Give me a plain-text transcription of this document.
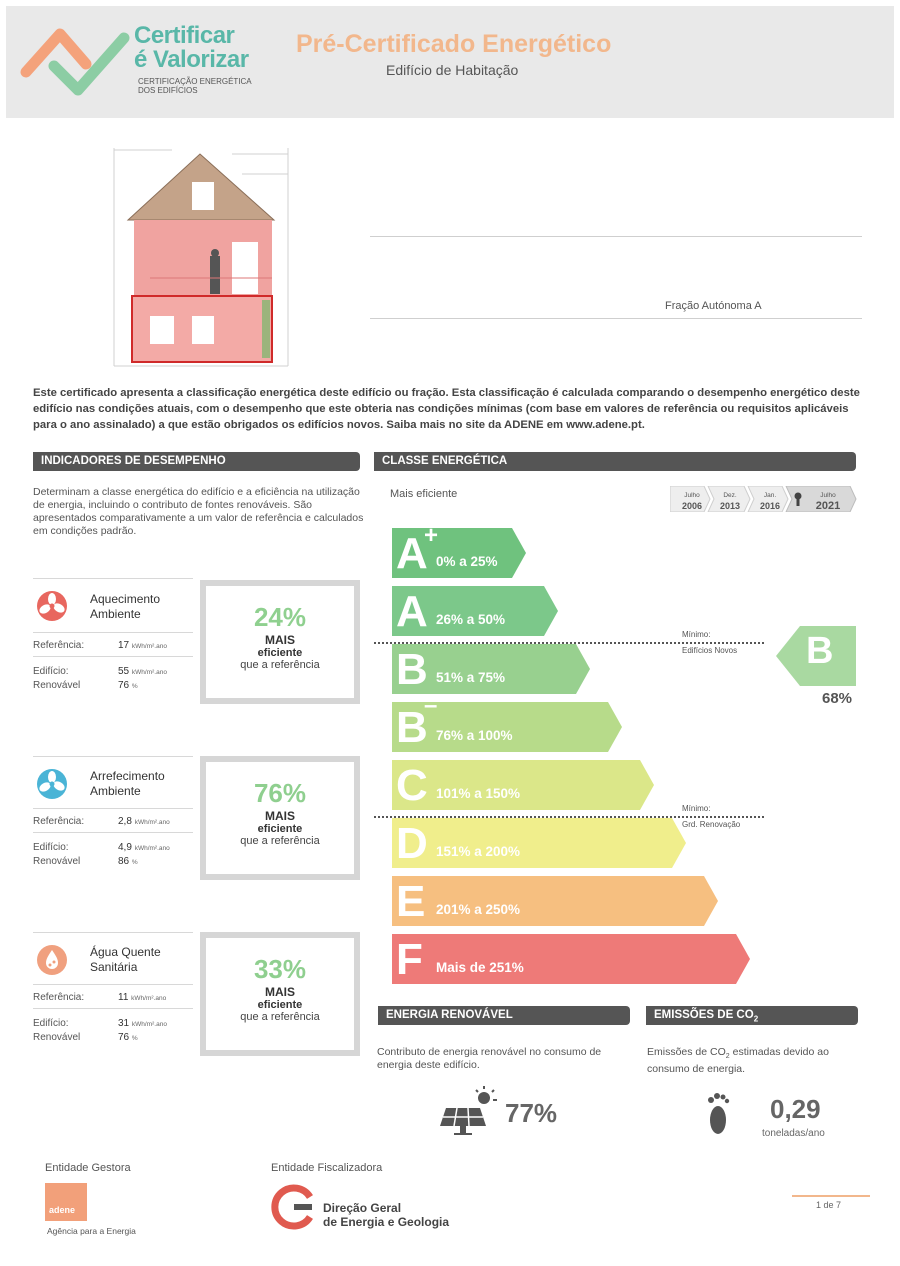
Certificar
é Valorizar
CERTIFICAÇÃO ENERGÉTICA DOS EDIFÍCIOS
Pré-Certificado Energético
Edifício de Habitação
Fração Autónoma A
Este certificado apresenta a classificação energética deste edifício ou fração. Esta classificação é calculada comparando o desempenho energético deste edifício nas condições atuais, com o desempenho que este obteria nas condições mínimas (com base em valores de referência ou requisitos aplicáveis para o ano assinalado) a que estão obrigados os edifícios novos. Saiba mais no site da ADENE em www.adene.pt.
INDICADORES DE DESEMPENHO
Determinam a classe energética do edifício e a eficiência na utilização de energia, incluindo o contributo de fontes renováveis. São apresentados comparativamente a um valor de referência e calculados em condições padrão.
Aquecimento
Ambiente
Referência:	17 kWh/m².ano
Edifício:	55 kWh/m².ano
Renovável	76 %
24%
MAIS
eficiente
que a referência
Arrefecimento
Ambiente
Referência:	2,8 kWh/m².ano
Edifício:	4,9 kWh/m².ano
Renovável	86 %
76%
MAIS
eficiente
que a referência
Água Quente
Sanitária
Referência:	11 kWh/m².ano
Edifício:	31 kWh/m².ano
Renovável	76 %
33%
MAIS
eficiente
que a referência
CLASSE ENERGÉTICA
Mais eficiente	Julho
2006
Dez.
2013
Jan.
2016
Julho
2021
A
+
0% a 25%
A 26% a 50%
B 51% a 75%
B
–
76% a 100%
C 101% a 150%
D 151% a 200%
E 201% a 250%
F Mais de 251%
Mínimo:
Edifícios Novos
Mínimo:
Grd. Renovação
B
68%
ENERGIA RENOVÁVEL
Contributo de energia renovável no consumo de energia deste edifício.
77%
EMISSÕES DE $CO_2$
Emissões de $CO_2$ estimadas devido ao consumo de energia.
0,29
toneladas/ano
Entidade Gestora
adene
Agência para a Energia
Entidade Fiscalizadora
Direção Geral
de Energia e Geologia
1 de 7
